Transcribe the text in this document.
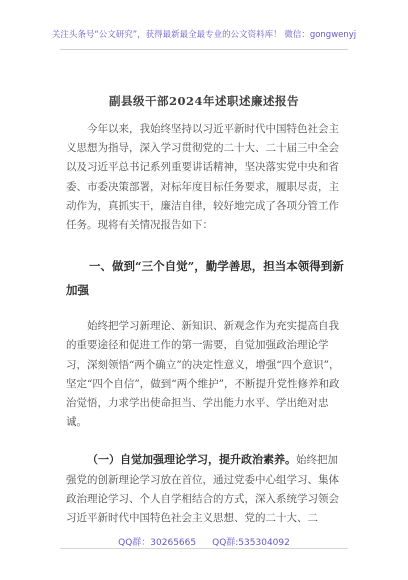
关注头条号“公文研究”，获得最新最全最专业的公文资料库！ 微信：gongwenyj
副县级干部2024年述职述廉述报告

今年以来，我始终坚持以习近平新时代中国特色社会主义思想为指导，深入学习贯彻党的二十大、二十届三中全会以及习近平总书记系列重要讲话精神，坚决落实党中央和省委、市委决策部署，对标年度目标任务要求，履职尽责，主动作为，真抓实干，廉洁自律，较好地完成了各项分管工作任务。现将有关情况报告如下：

一、做到“三个自觉”，勤学善思，担当本领得到新加强

始终把学习新理论、新知识、新观念作为充实提高自我的重要途径和促进工作的第一需要，自觉加强政治理论学习，深刻领悟“两个确立”的决定性意义，增强“四个意识”，坚定“四个自信”，做到“两个维护”，不断提升党性修养和政治觉悟，力求学出使命担当、学出能力水平、学出绝对忠诚。

（一）自觉加强理论学习，提升政治素养。始终把加强党的创新理论学习放在首位，通过党委中心组学习、集体政治理论学习、个人自学相结合的方式，深入系统学习领会习近平新时代中国特色社会主义思想、党的二十大、二

QQ群：30265665 QQ群:535304092
